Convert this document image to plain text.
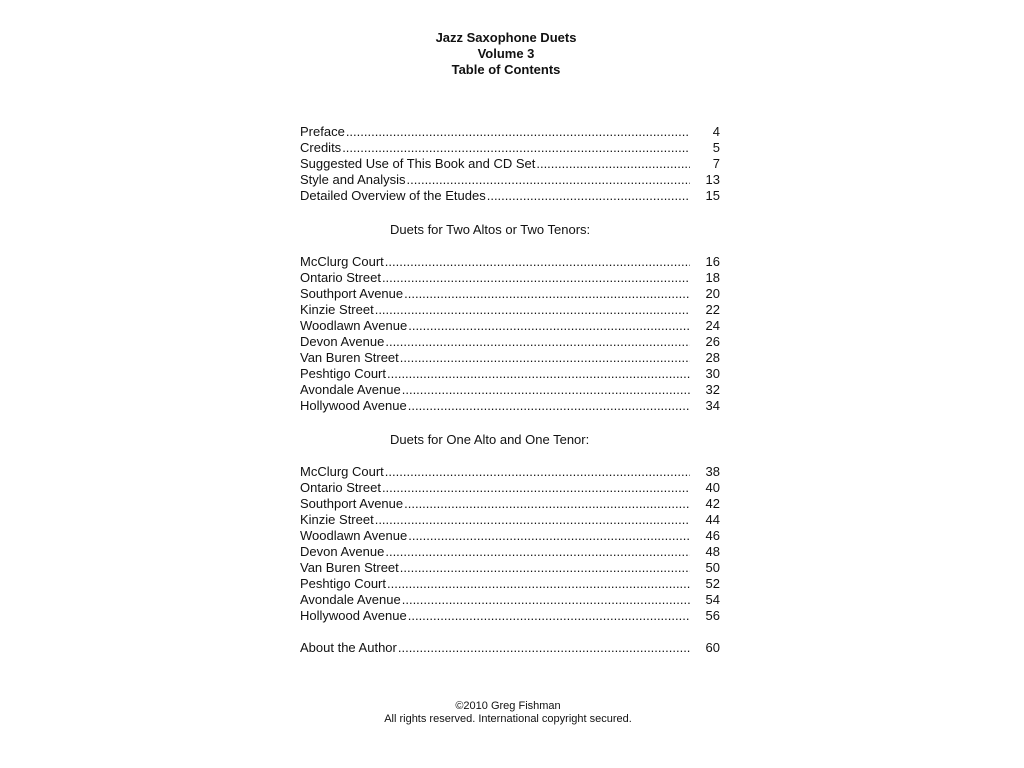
Jazz Saxophone Duets
Volume 3
Table of Contents
Preface .....	4
Credits .....	5
Suggested Use of This Book and CD Set .....	7
Style and Analysis .....	13
Detailed Overview of the Etudes .....	15
Duets for Two Altos or Two Tenors:
McClurg Court .....	16
Ontario Street .....	18
Southport Avenue .....	20
Kinzie Street .....	22
Woodlawn Avenue .....	24
Devon Avenue .....	26
Van Buren Street .....	28
Peshtigo Court .....	30
Avondale Avenue .....	32
Hollywood Avenue .....	34
Duets for One Alto and One Tenor:
McClurg Court .....	38
Ontario Street .....	40
Southport Avenue .....	42
Kinzie Street .....	44
Woodlawn Avenue .....	46
Devon Avenue .....	48
Van Buren Street .....	50
Peshtigo Court .....	52
Avondale Avenue .....	54
Hollywood Avenue .....	56
About the Author .....	60
©2010 Greg Fishman
All rights reserved. International copyright secured.
